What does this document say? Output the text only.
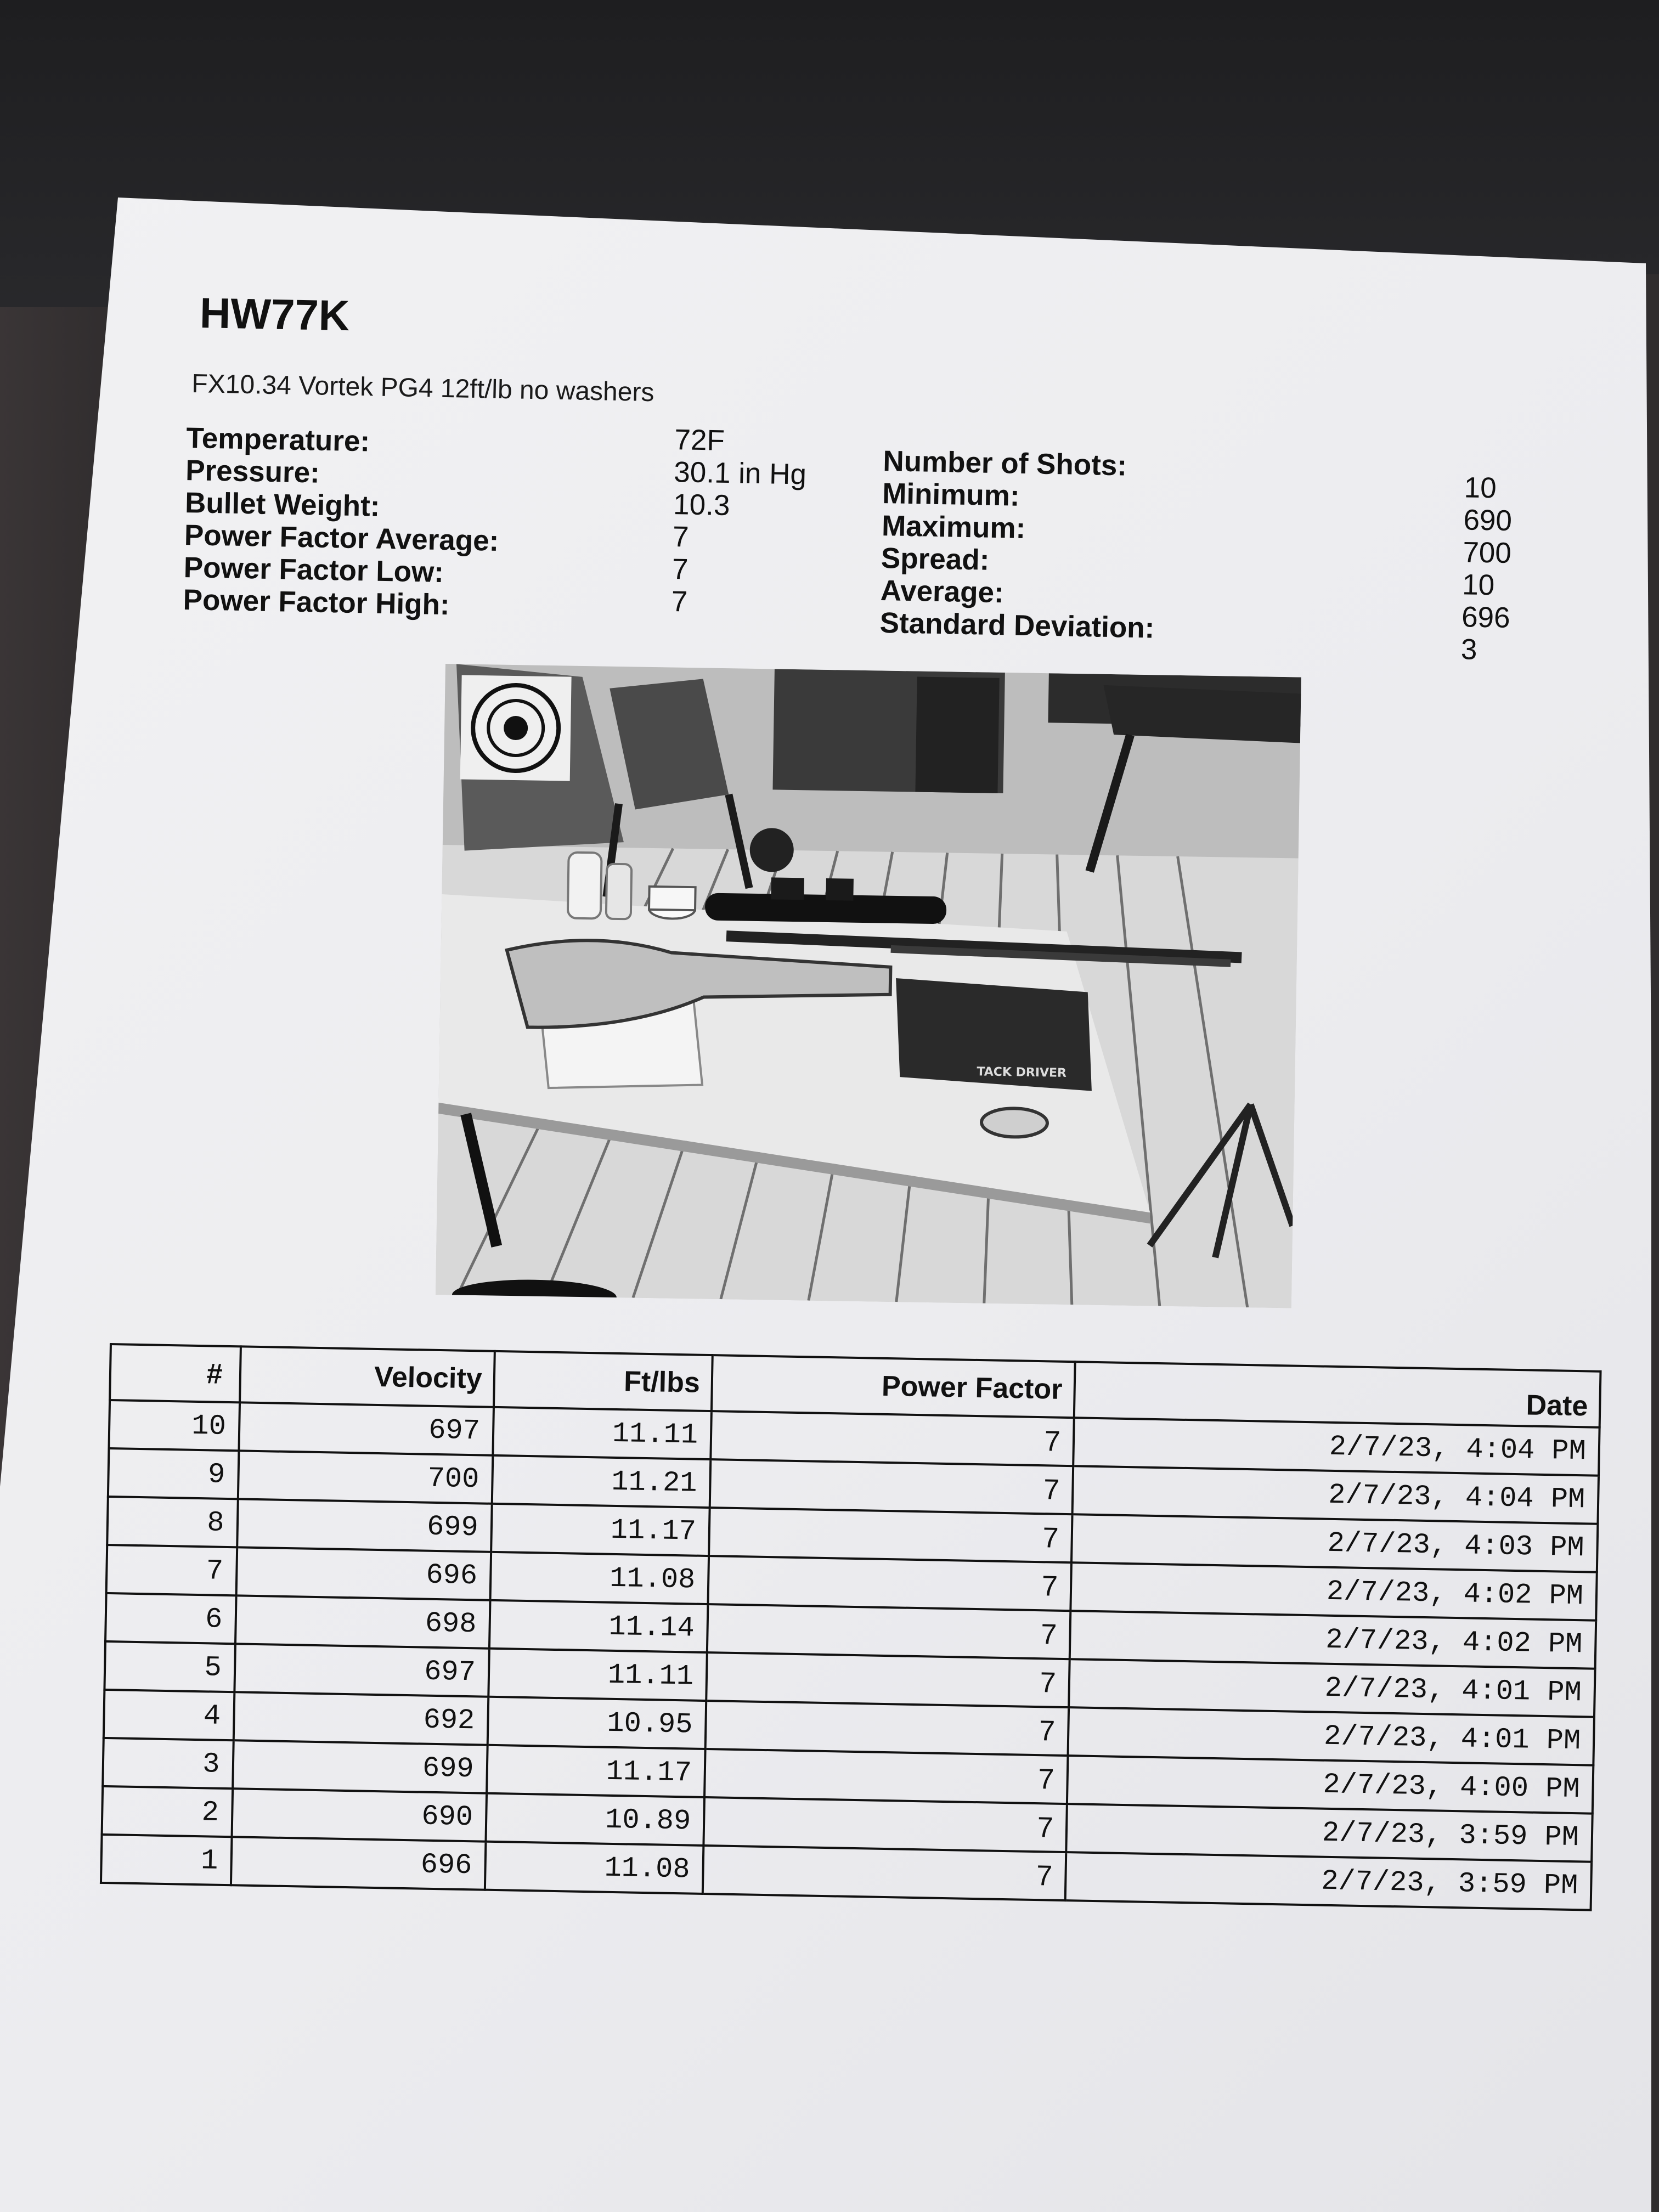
HW77K
FX10.34 Vortek PG4 12ft/lb no washers
Temperature:	72F
Pressure:	30.1 in Hg
Bullet Weight:	10.3
Power Factor Average:	7
Power Factor Low:	7
Power Factor High:	7
Number of Shots:
10
Minimum:
690
Maximum:
700
Spread:
10
Average:
696
Standard Deviation:
3
TACK DRIVER
#	Velocity	Ft/lbs	Power Factor	Date
10	697	11.11	7	2/7/23, 4:04 PM
9	700	11.21	7	2/7/23, 4:04 PM
8	699	11.17	7	2/7/23, 4:03 PM
7	696	11.08	7	2/7/23, 4:02 PM
6	698	11.14	7	2/7/23, 4:02 PM
5	697	11.11	7	2/7/23, 4:01 PM
4	692	10.95	7	2/7/23, 4:01 PM
3	699	11.17	7	2/7/23, 4:00 PM
2	690	10.89	7	2/7/23, 3:59 PM
1	696	11.08	7	2/7/23, 3:59 PM
